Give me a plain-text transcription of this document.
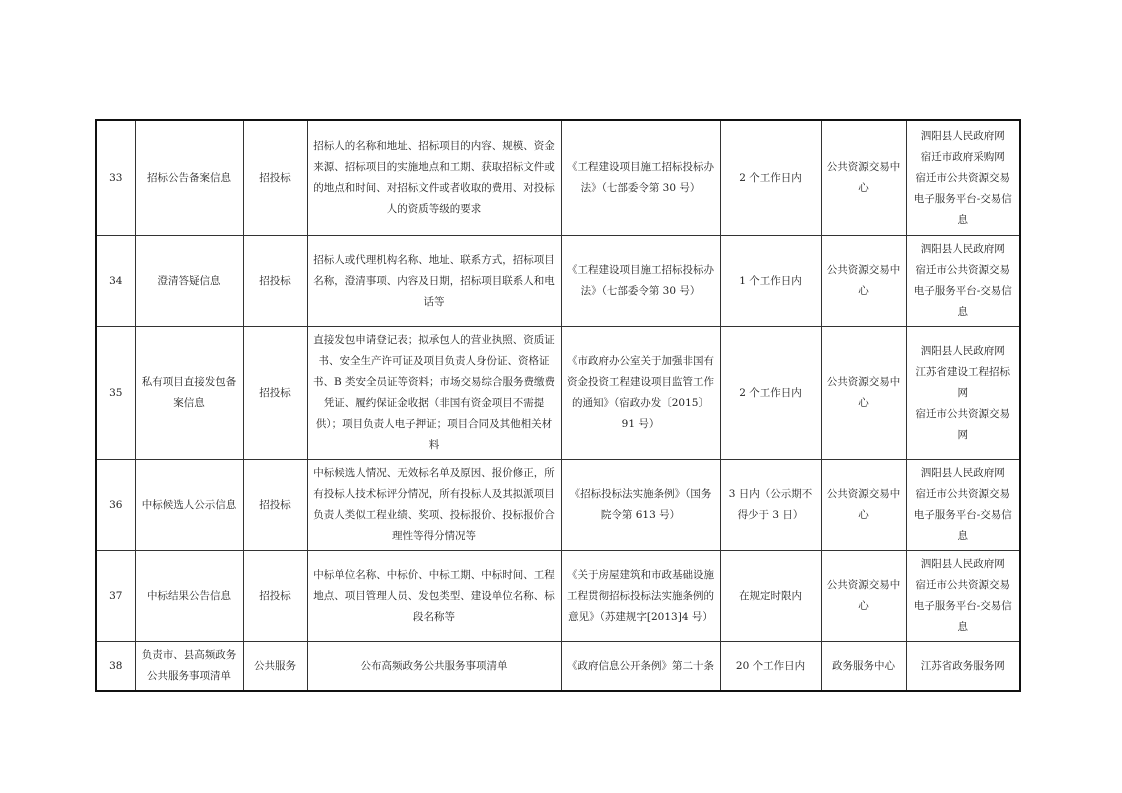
33	招标公告备案信息	招投标	招标人的名称和地址、招标项目的内容、规模、资金来源、招标项目的实施地点和工期、获取招标文件或的地点和时间、对招标文件或者收取的费用、对投标人的资质等级的要求	《工程建设项目施工招标投标办法》（七部委令第 30 号）	2 个工作日内	公共资源交易中心	泗阳县人民政府网
宿迁市政府采购网
宿迁市公共资源交易电子服务平台-交易信息

34	澄清答疑信息	招投标	招标人或代理机构名称、地址、联系方式，招标项目名称，澄清事项、内容及日期，招标项目联系人和电话等	《工程建设项目施工招标投标办法》（七部委令第 30 号）	1 个工作日内	公共资源交易中心	泗阳县人民政府网
宿迁市公共资源交易电子服务平台-交易信息

35	私有项目直接发包备案信息	招投标	直接发包申请登记表；拟承包人的营业执照、资质证书、安全生产许可证及项目负责人身份证、资格证书、B 类安全员证等资料；市场交易综合服务费缴费凭证、履约保证金收据（非国有资金项目不需提供）；项目负责人电子押证；项目合同及其他相关材料	《市政府办公室关于加强非国有资金投资工程建设项目监管工作的通知》（宿政办发〔2015〕91 号）	2 个工作日内	公共资源交易中心	泗阳县人民政府网
江苏省建设工程招标网
宿迁市公共资源交易网

36	中标候选人公示信息	招投标	中标候选人情况、无效标名单及原因、报价修正，所有投标人技术标评分情况，所有投标人及其拟派项目负责人类似工程业绩、奖项、投标报价、投标报价合理性等得分情况等	《招标投标法实施条例》（国务院令第 613 号）	3 日内（公示期不得少于 3 日）	公共资源交易中心	泗阳县人民政府网
宿迁市公共资源交易电子服务平台-交易信息

37	中标结果公告信息	招投标	中标单位名称、中标价、中标工期、中标时间、工程地点、项目管理人员、发包类型、建设单位名称、标段名称等	《关于房屋建筑和市政基础设施工程贯彻招标投标法实施条例的意见》（苏建规字[2013]4 号）	在规定时限内	公共资源交易中心	泗阳县人民政府网
宿迁市公共资源交易电子服务平台-交易信息

38	负责市、县高频政务公共服务事项清单	公共服务	公布高频政务公共服务事项清单	《政府信息公开条例》第二十条	20 个工作日内	政务服务中心	江苏省政务服务网
